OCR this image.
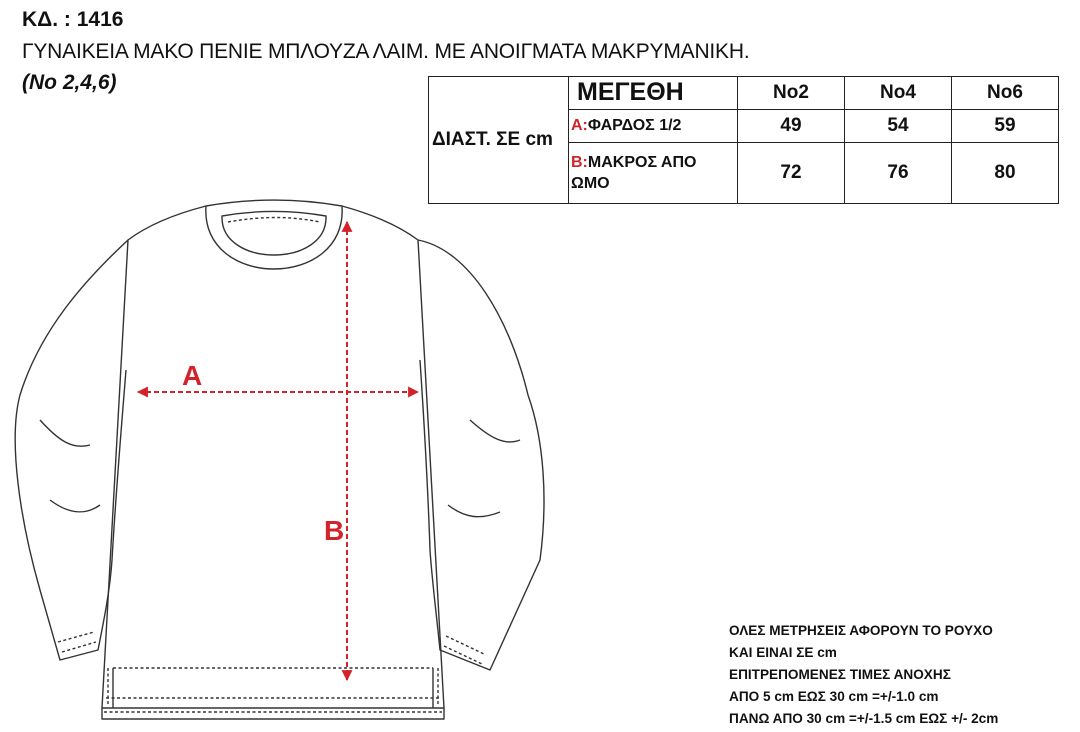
ΚΔ. : 1416
ΓΥΝΑΙΚΕΙΑ ΜΑΚΟ ΠΕΝΙΕ ΜΠΛΟΥΖΑ ΛΑΙΜ. ΜΕ ΑΝΟΙΓΜΑΤΑ ΜΑΚΡΥΜΑΝΙΚΗ.
(No 2,4,6)
ΔΙΑΣΤ. ΣΕ cm	ΜΕΓΕΘΗ	No2	No4	No6
	A:ΦΑΡΔΟΣ 1/2	49	54	59
	B:ΜΑΚΡΟΣ ΑΠΟ ΩΜΟ	72	76	80
A
B
ΟΛΕΣ ΜΕΤΡΗΣΕΙΣ ΑΦΟΡΟΥΝ ΤΟ ΡΟΥΧΟ
ΚΑΙ ΕΙΝΑΙ ΣΕ cm
ΕΠΙΤΡΕΠΟΜΕΝΕΣ ΤΙΜΕΣ ΑΝΟΧΗΣ
ΑΠΟ 5 cm ΕΩΣ 30 cm =+/-1.0 cm
ΠΑΝΩ ΑΠΟ 30 cm =+/-1.5 cm ΕΩΣ +/- 2cm
